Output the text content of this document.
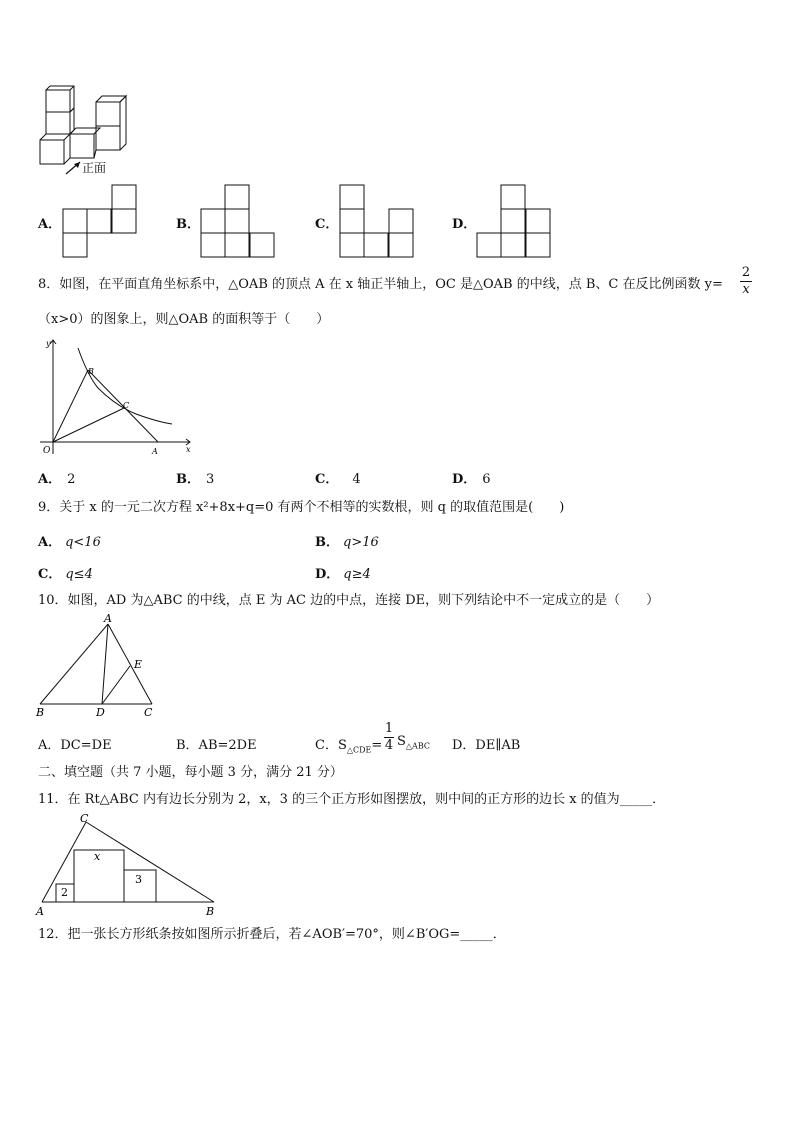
正面
A．	B．	C．	D．
8．如图，在平面直角坐标系中，△OAB 的顶点 A 在 x 轴正半轴上，OC 是△OAB 的中线，点 B、C 在反比例函数 y=
2
x
（x>0）的图象上，则△OAB 的面积等于（　　）
y
x
O	A
B
C
A． 2	B． 3	C． 4	D． 6
9．关于 x 的一元二次方程 x²+8x+q=0 有两个不相等的实数根，则 q 的取值范围是(　　)
A． q<16	B． q>16
C． q≤4	D． q≥4
10．如图，AD 为△ABC 的中线，点 E 为 AC 边的中点，连接 DE，则下列结论中不一定成立的是（　　）
A
E
B	D	C
A．DC=DE	B．AB=2DE	C．$S_{\triangle CDE}=$
1
4 $S_{\triangle ABC}$ D．DE∥AB
二、填空题（共 7 小题，每小题 3 分，满分 21 分）
11．在 Rt△ABC 内有边长分别为 2，x，3 的三个正方形如图摆放，则中间的正方形的边长 x 的值为_____．
C
x
2
3
A	B
12．把一张长方形纸条按如图所示折叠后，若∠AOB′=70°，则∠B′OG=_____．
